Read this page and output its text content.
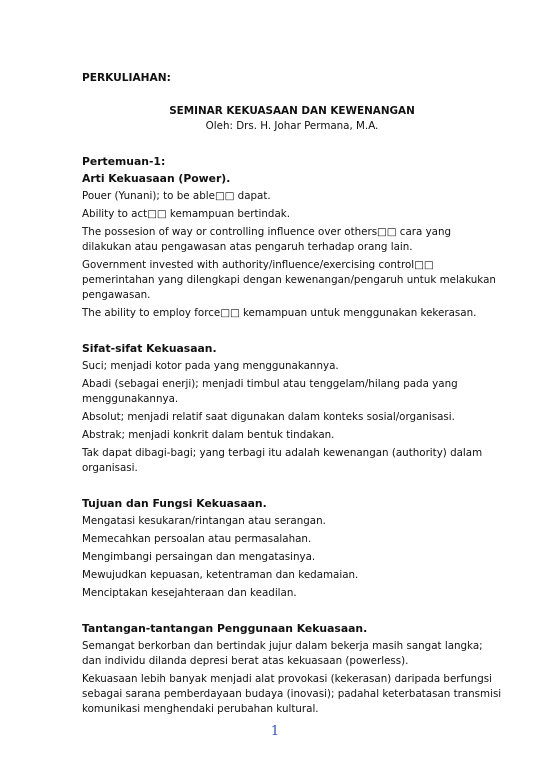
PERKULIAHAN:
SEMINAR KEKUASAAN DAN KEWENANGAN
Oleh: Drs. H. Johar Permana, M.A.
Pertemuan-1:
Arti Kekuasaan (Power).
Pouer (Yunani); to be able□□ dapat.
Ability to act□□ kemampuan bertindak.
The possesion of way or controlling influence over others□□ cara yang dilakukan atau pengawasan atas pengaruh terhadap orang lain.
Government invested with authority/influence/exercising control□□ pemerintahan yang dilengkapi dengan kewenangan/pengaruh untuk melakukan pengawasan.
The ability to employ force□□ kemampuan untuk menggunakan kekerasan.
Sifat-sifat Kekuasaan.
Suci; menjadi kotor pada yang menggunakannya.
Abadi (sebagai enerji); menjadi timbul atau tenggelam/hilang pada yang menggunakannya.
Absolut; menjadi relatif saat digunakan dalam konteks sosial/organisasi.
Abstrak; menjadi konkrit dalam bentuk tindakan.
Tak dapat dibagi-bagi; yang terbagi itu adalah kewenangan (authority) dalam organisasi.
Tujuan dan Fungsi Kekuasaan.
Mengatasi kesukaran/rintangan atau serangan.
Memecahkan persoalan atau permasalahan.
Mengimbangi persaingan dan mengatasinya.
Mewujudkan kepuasan, ketentraman dan kedamaian.
Menciptakan kesejahteraan dan keadilan.
Tantangan-tantangan Penggunaan Kekuasaan.
Semangat berkorban dan bertindak jujur dalam bekerja masih sangat langka; dan individu dilanda depresi berat atas kekuasaan (powerless).
Kekuasaan lebih banyak menjadi alat provokasi (kekerasan) daripada berfungsi sebagai sarana pemberdayaan budaya (inovasi); padahal keterbatasan transmisi komunikasi menghendaki perubahan kultural.
1
